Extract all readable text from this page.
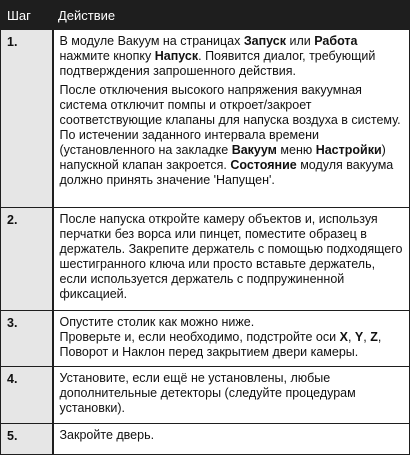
Шаг	Действие
1.	В модуле Вакуум на страницах Запуск или Работа нажмите кнопку Напуск. Появится диалог, требующий подтверждения запрошенного действия.
После отключения высокого напряжения вакуумная система отключит помпы и откроет/закроет соответствующие клапаны для напуска воздуха в систему. По истечении заданного интервала времени (установленного на закладке Вакуум меню Настройки) напускной клапан закроется. Состояние модуля вакуума должно принять значение 'Напущен'.

2.	После напуска откройте камеру объектов и, используя перчатки без ворса или пинцет, поместите образец в держатель. Закрепите держатель с помощью подходящего шестигранного ключа или просто вставьте держатель, если используется держатель с подпружиненной фиксацией.
3.	Опустите столик как можно ниже.
Проверьте и, если необходимо, подстройте оси X, Y, Z, Поворот и Наклон перед закрытием двери камеры.

4.	Установите, если ещё не установлены, любые дополнительные детекторы (следуйте процедурам установки).
5.	Закройте дверь.
